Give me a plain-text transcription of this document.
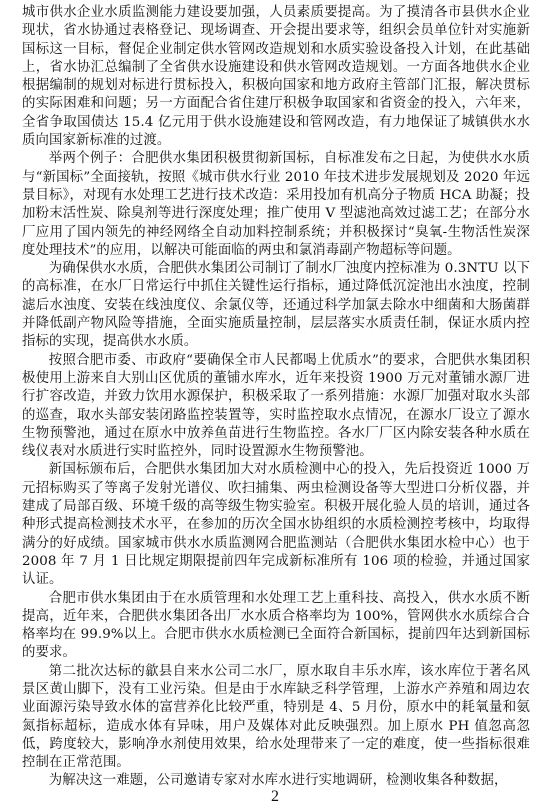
城市供水企业水质监测能力建设要加强，人员素质要提高。为了摸清各市县供水企业现状，省水协通过表格登记、现场调查、开会提出要求等，组织会员单位针对实施新国标这一目标，督促企业制定供水管网改造规划和水质实验设备投入计划，在此基础上，省水协汇总编制了全省供水设施建设和供水管网改造规划。一方面各地供水企业根据编制的规划对标进行贯标投入，积极向国家和地方政府主管部门汇报，解决贯标的实际困难和问题；另一方面配合省住建厅积极争取国家和省资金的投入，六年来，全省争取国债达 15.4 亿元用于供水设施建设和管网改造，有力地保证了城镇供水水质向国家新标准的过渡。

举两个例子：合肥供水集团积极贯彻新国标，自标准发布之日起，为使供水水质与“新国标”全面接轨，按照《城市供水行业 2010 年技术进步发展规划及 2020 年远景目标》，对现有水处理工艺进行技术改造：采用投加有机高分子物质 HCA 助凝；投加粉末活性炭、除臭剂等进行深度处理；推广使用 V 型滤池高效过滤工艺；在部分水厂应用了国内领先的神经网络全自动加料控制系统；并积极探讨“臭氧-生物活性炭深度处理技术”的应用，以解决可能面临的两虫和氯消毒副产物超标等问题。

为确保供水水质，合肥供水集团公司制订了制水厂浊度内控标准为 0.3NTU 以下的高标准，在水厂日常运行中抓住关键性运行指标，通过降低沉淀池出水浊度，控制滤后水浊度、安装在线浊度仪、余氯仪等，还通过科学加氯去除水中细菌和大肠菌群并降低副产物风险等措施，全面实施质量控制，层层落实水质责任制，保证水质内控指标的实现，提高供水水质。

按照合肥市委、市政府“要确保全市人民都喝上优质水”的要求，合肥供水集团积极使用上游来自大别山区优质的董铺水库水，近年来投资 1900 万元对董铺水源厂进行扩容改造，并致力饮用水源保护，积极采取了一系列措施：水源厂加强对取水头部的巡查，取水头部安装闭路监控装置等，实时监控取水点情况，在源水厂设立了源水生物预警池，通过在原水中放养鱼苗进行生物监控。各水厂厂区内除安装各种水质在线仪表对水质进行实时监控外，同时设置源水生物预警池。

新国标颁布后，合肥供水集团加大对水质检测中心的投入，先后投资近 1000 万元招标购买了等离子发射光谱仪、吹扫捕集、两虫检测设备等大型进口分析仪器，并建成了局部百级、环境千级的高等级生物实验室。积极开展化验人员的培训，通过各种形式提高检测技术水平，在参加的历次全国水协组织的水质检测控考核中，均取得满分的好成绩。国家城市供水水质监测网合肥监测站（合肥供水集团水检中心）也于 2008 年 7 月 1 日比规定期限提前四年完成新标准所有 106 项的检验，并通过国家认证。

合肥市供水集团由于在水质管理和水处理工艺上重科技、高投入，供水水质不断提高，近年来，合肥供水集团各出厂水水质合格率均为 100%，管网供水水质综合合格率均在 99.9%以上。合肥市供水水质检测已全面符合新国标，提前四年达到新国标的要求。

第二批次达标的歙县自来水公司二水厂，原水取自丰乐水库，该水库位于著名风景区黄山脚下，没有工业污染。但是由于水库缺乏科学管理，上游水产养殖和周边农业面源污染导致水体的富营养化比较严重，特别是 4、5 月份，原水中的耗氧量和氨氮指标超标，造成水体有异味，用户及媒体对此反映强烈。加上原水 PH 值忽高忽低，跨度较大，影响净水剂使用效果，给水处理带来了一定的难度，使一些指标很难控制在正常范围。

为解决这一难题，公司邀请专家对水库水进行实地调研，检测收集各种数据，

2
